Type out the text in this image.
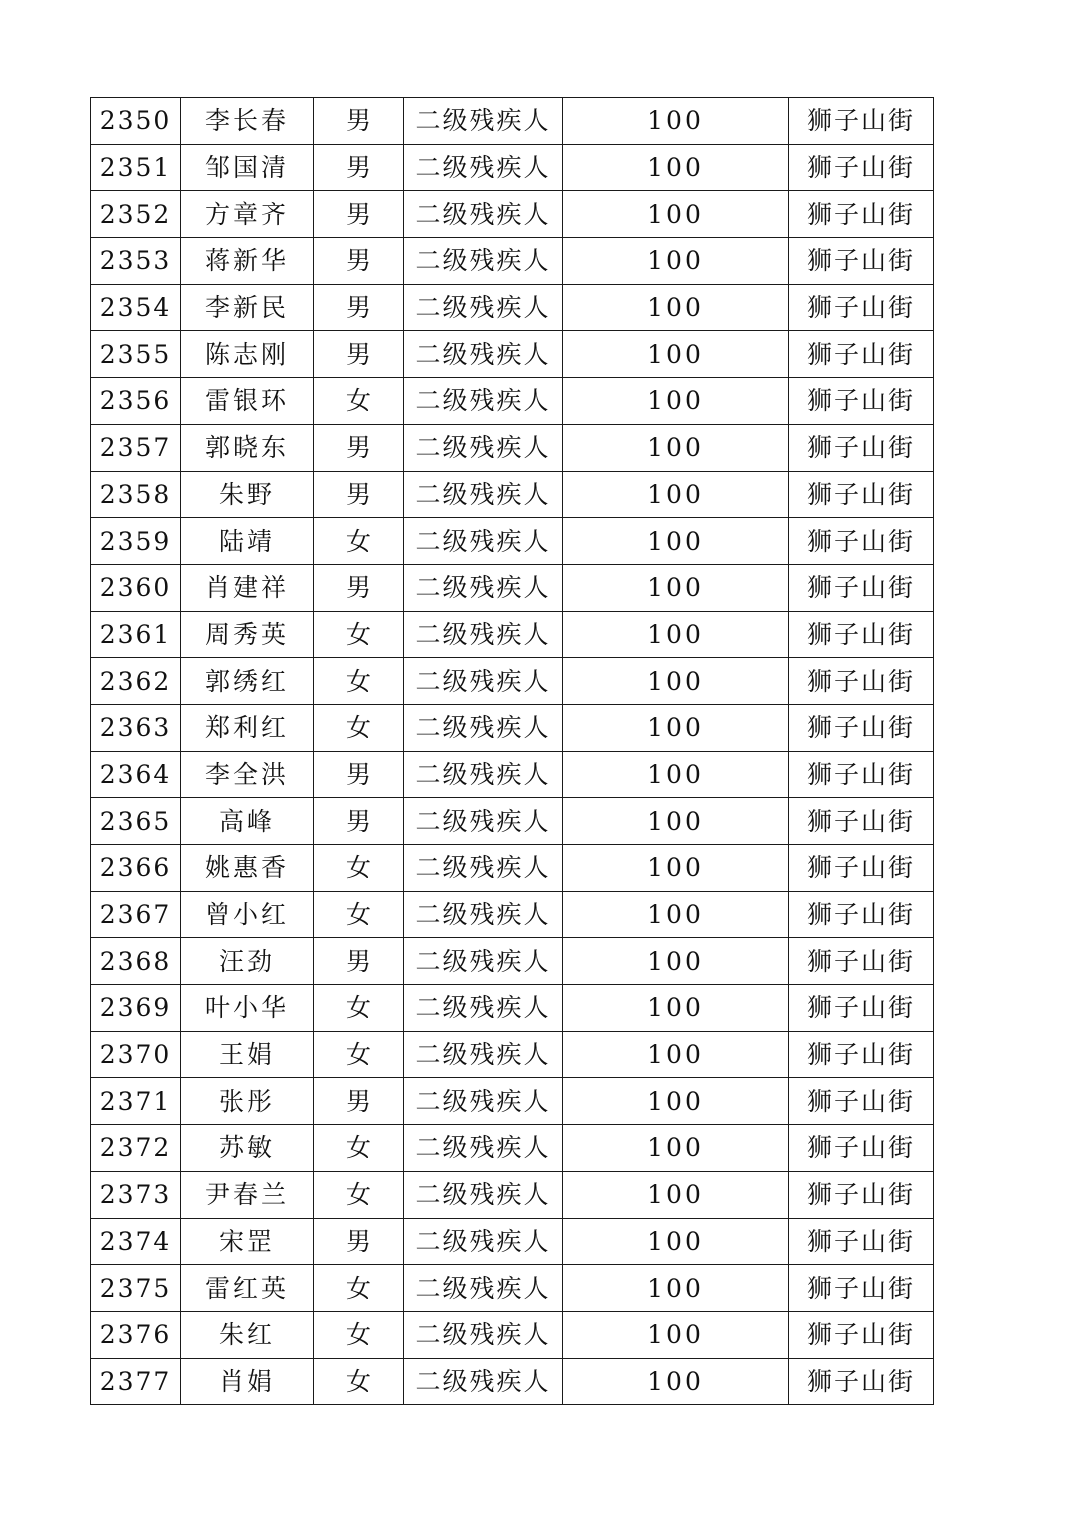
2350	李长春	男	二级残疾人	100	狮子山街
2351	邹国清	男	二级残疾人	100	狮子山街
2352	方章齐	男	二级残疾人	100	狮子山街
2353	蒋新华	男	二级残疾人	100	狮子山街
2354	李新民	男	二级残疾人	100	狮子山街
2355	陈志刚	男	二级残疾人	100	狮子山街
2356	雷银环	女	二级残疾人	100	狮子山街
2357	郭晓东	男	二级残疾人	100	狮子山街
2358	朱野	男	二级残疾人	100	狮子山街
2359	陆靖	女	二级残疾人	100	狮子山街
2360	肖建祥	男	二级残疾人	100	狮子山街
2361	周秀英	女	二级残疾人	100	狮子山街
2362	郭绣红	女	二级残疾人	100	狮子山街
2363	郑利红	女	二级残疾人	100	狮子山街
2364	李全洪	男	二级残疾人	100	狮子山街
2365	高峰	男	二级残疾人	100	狮子山街
2366	姚惠香	女	二级残疾人	100	狮子山街
2367	曾小红	女	二级残疾人	100	狮子山街
2368	汪劲	男	二级残疾人	100	狮子山街
2369	叶小华	女	二级残疾人	100	狮子山街
2370	王娟	女	二级残疾人	100	狮子山街
2371	张彤	男	二级残疾人	100	狮子山街
2372	苏敏	女	二级残疾人	100	狮子山街
2373	尹春兰	女	二级残疾人	100	狮子山街
2374	宋罡	男	二级残疾人	100	狮子山街
2375	雷红英	女	二级残疾人	100	狮子山街
2376	朱红	女	二级残疾人	100	狮子山街
2377	肖娟	女	二级残疾人	100	狮子山街
